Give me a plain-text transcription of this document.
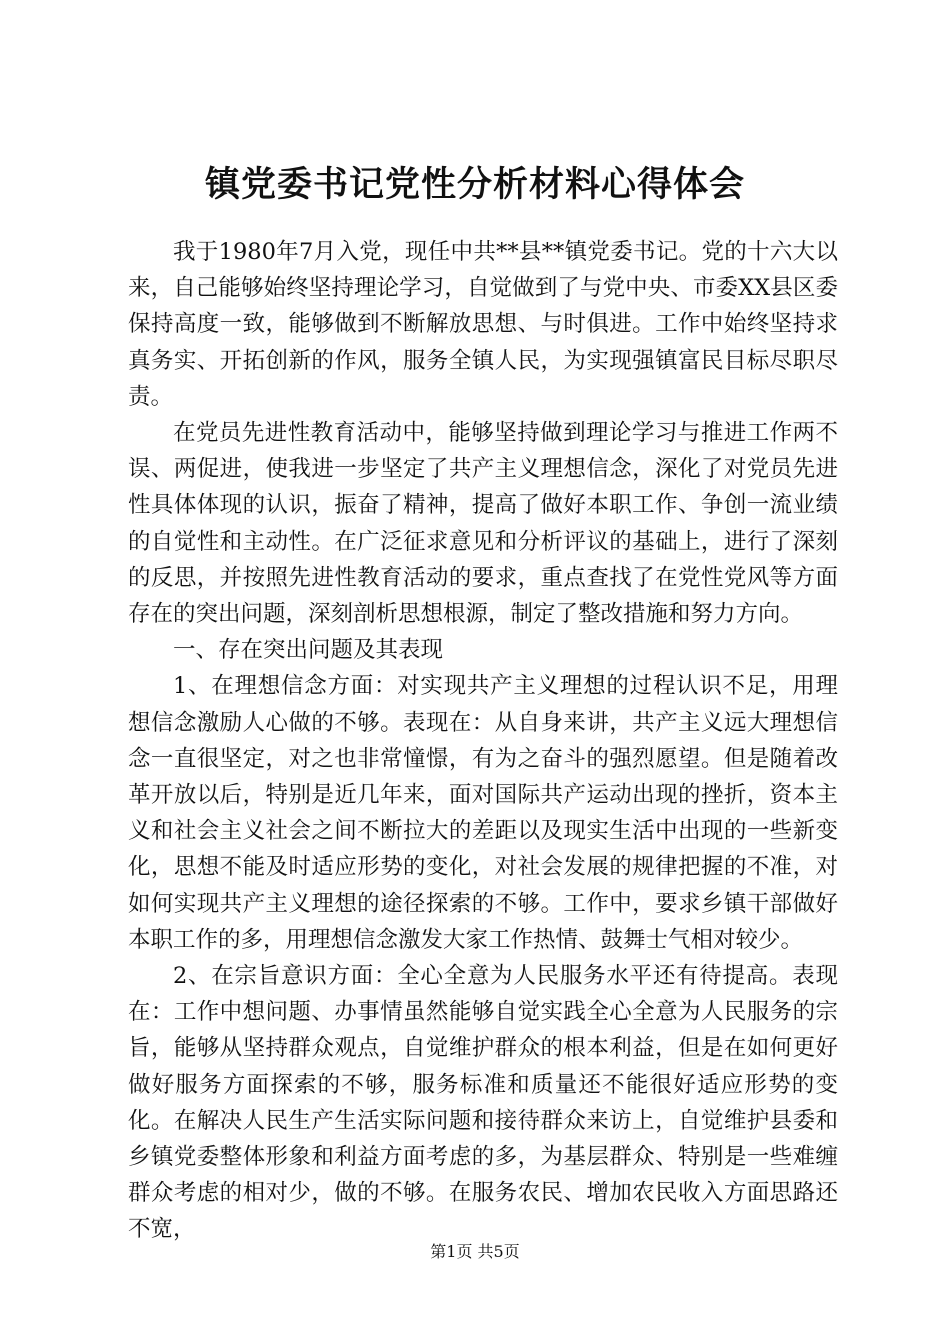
镇党委书记党性分析材料心得体会

我于1980年7月入党，现任中共**县**镇党委书记。党的十六大以来，自己能够始终坚持理论学习，自觉做到了与党中央、市委XX县区委保持高度一致，能够做到不断解放思想、与时俱进。工作中始终坚持求真务实、开拓创新的作风，服务全镇人民，为实现强镇富民目标尽职尽责。

在党员先进性教育活动中，能够坚持做到理论学习与推进工作两不误、两促进，使我进一步坚定了共产主义理想信念，深化了对党员先进性具体体现的认识，振奋了精神，提高了做好本职工作、争创一流业绩的自觉性和主动性。在广泛征求意见和分析评议的基础上，进行了深刻的反思，并按照先进性教育活动的要求，重点查找了在党性党风等方面存在的突出问题，深刻剖析思想根源，制定了整改措施和努力方向。

一、存在突出问题及其表现

1、在理想信念方面：对实现共产主义理想的过程认识不足，用理想信念激励人心做的不够。表现在：从自身来讲，共产主义远大理想信念一直很坚定，对之也非常憧憬，有为之奋斗的强烈愿望。但是随着改革开放以后，特别是近几年来，面对国际共产运动出现的挫折，资本主义和社会主义社会之间不断拉大的差距以及现实生活中出现的一些新变化，思想不能及时适应形势的变化，对社会发展的规律把握的不准，对如何实现共产主义理想的途径探索的不够。工作中，要求乡镇干部做好本职工作的多，用理想信念激发大家工作热情、鼓舞士气相对较少。

2、在宗旨意识方面：全心全意为人民服务水平还有待提高。表现在：工作中想问题、办事情虽然能够自觉实践全心全意为人民服务的宗旨，能够从坚持群众观点，自觉维护群众的根本利益，但是在如何更好做好服务方面探索的不够，服务标准和质量还不能很好适应形势的变化。在解决人民生产生活实际问题和接待群众来访上，自觉维护县委和乡镇党委整体形象和利益方面考虑的多，为基层群众、特别是一些难缠群众考虑的相对少，做的不够。在服务农民、增加农民收入方面思路还不宽，

第1页 共5页
